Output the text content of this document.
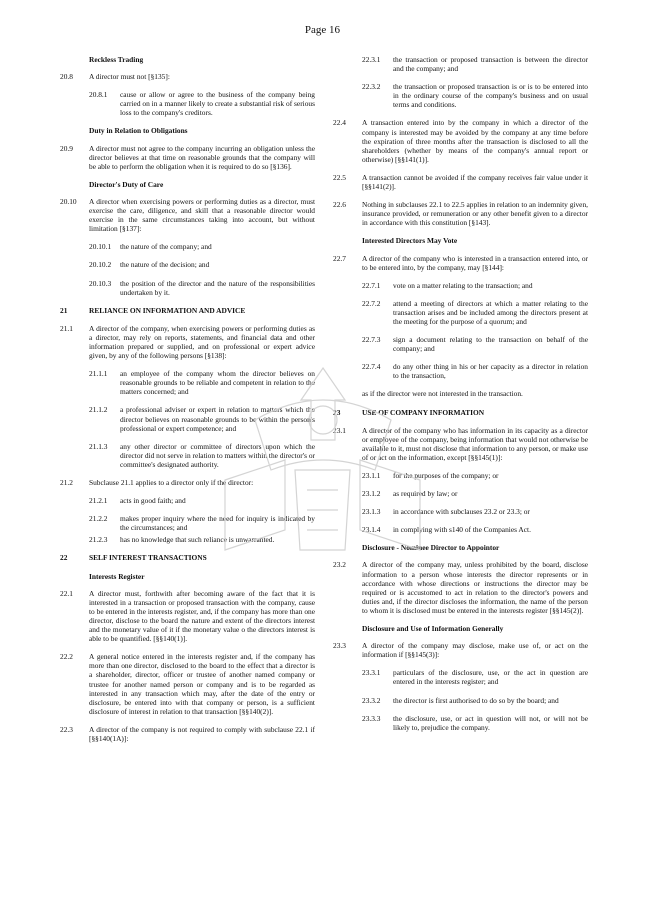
Page 16
Reckless Trading
20.8 A director must not [§135]:
20.8.1 cause or allow or agree to the business of the company being carried on in a manner likely to create a substantial risk of serious loss to the company's creditors.
Duty in Relation to Obligations
20.9 A director must not agree to the company incurring an obligation unless the director believes at that time on reasonable grounds that the company will be able to perform the obligation when it is required to do so [§136].
Director's Duty of Care
20.10 A director when exercising powers or performing duties as a director, must exercise the care, diligence, and skill that a reasonable director would exercise in the same circumstances taking into account, but without limitation [§137]:
20.10.1 the nature of the company; and
20.10.2 the nature of the decision; and
20.10.3 the position of the director and the nature of the responsibilities undertaken by it.
21	RELIANCE ON INFORMATION AND ADVICE
21.1 A director of the company, when exercising powers or performing duties as a director, may rely on reports, statements, and financial data and other information prepared or supplied, and on professional or expert advice given, by any of the following persons [§138]:
21.1.1 an employee of the company whom the director believes on reasonable grounds to be reliable and competent in relation to the matters concerned; and
21.1.2 a professional adviser or expert in relation to matters which the director believes on reasonable grounds to be within the person's professional or expert competence; and
21.1.3 any other director or committee of directors upon which the director did not serve in relation to matters within the director's or committee's designated authority.
21.2 Subclause 21.1 applies to a director only if the director:
21.2.1 acts in good faith; and
21.2.2 makes proper inquiry where the need for inquiry is indicated by the circumstances; and
21.2.3 has no knowledge that such reliance is unwarranted.
22	SELF INTEREST TRANSACTIONS
Interests Register
22.1 A director must, forthwith after becoming aware of the fact that it is interested in a transaction or proposed transaction with the company, cause to be entered in the interests register, and, if the company has more than one director, disclose to the board the nature and extent of the directors interest and the monetary value of it if the monetary value o the directors interest is able to be quantified. [§§140(1)].
22.2 A general notice entered in the interests register and, if the company has more than one director, disclosed to the board to the effect that a director is a shareholder, director, officer or trustee of another named company or trustee for another named person or company and is to be regarded as interested in any transaction which may, after the date of the entry or disclosure, be entered into with that company or person, is a sufficient disclosure of interest in relation to that transaction [§§140(2)].
22.3 A director of the company is not required to comply with subclause 22.1 if [§§140(1A)]:
22.3.1 the transaction or proposed transaction is between the director and the company; and
22.3.2 the transaction or proposed transaction is or is to be entered into in the ordinary course of the company's business and on usual terms and conditions.
22.4 A transaction entered into by the company in which a director of the company is interested may be avoided by the company at any time before the expiration of three months after the transaction is disclosed to all the shareholders (whether by means of the company's annual report or otherwise) [§§141(1)].
22.5 A transaction cannot be avoided if the company receives fair value under it [§§141(2)].
22.6 Nothing in subclauses 22.1 to 22.5 applies in relation to an indemnity given, insurance provided, or remuneration or any other benefit given to a director in accordance with this constitution [§143].
Interested Directors May Vote
22.7 A director of the company who is interested in a transaction entered into, or to be entered into, by the company, may [§144]:
22.7.1 vote on a matter relating to the transaction; and
22.7.2 attend a meeting of directors at which a matter relating to the transaction arises and be included among the directors present at the meeting for the purpose of a quorum; and
22.7.3 sign a document relating to the transaction on behalf of the company; and
22.7.4 do any other thing in his or her capacity as a director in relation to the transaction,
as if the director were not interested in the transaction.
23	USE OF COMPANY INFORMATION
23.1 A director of the company who has information in its capacity as a director or employee of the company, being information that would not otherwise be available to it, must not disclose that information to any person, or make use of or act on the information, except [§§145(1)]:
23.1.1 for the purposes of the company; or
23.1.2 as required by law; or
23.1.3 in accordance with subclauses 23.2 or 23.3; or
23.1.4 in complying with s140 of the Companies Act.
Disclosure - Nominee Director to Appointor
23.2 A director of the company may, unless prohibited by the board, disclose information to a person whose interests the director represents or in accordance with whose directions or instructions the director may be required or is accustomed to act in relation to the director's powers and duties and, if the director discloses the information, the name of the person to whom it is disclosed must be entered in the interests register [§§145(2)].
Disclosure and Use of Information Generally
23.3 A director of the company may disclose, make use of, or act on the information if [§§145(3)]:
23.3.1 particulars of the disclosure, use, or the act in question are entered in the interests register; and
23.3.2 the director is first authorised to do so by the board; and
23.3.3 the disclosure, use, or act in question will not, or will not be likely to, prejudice the company.
